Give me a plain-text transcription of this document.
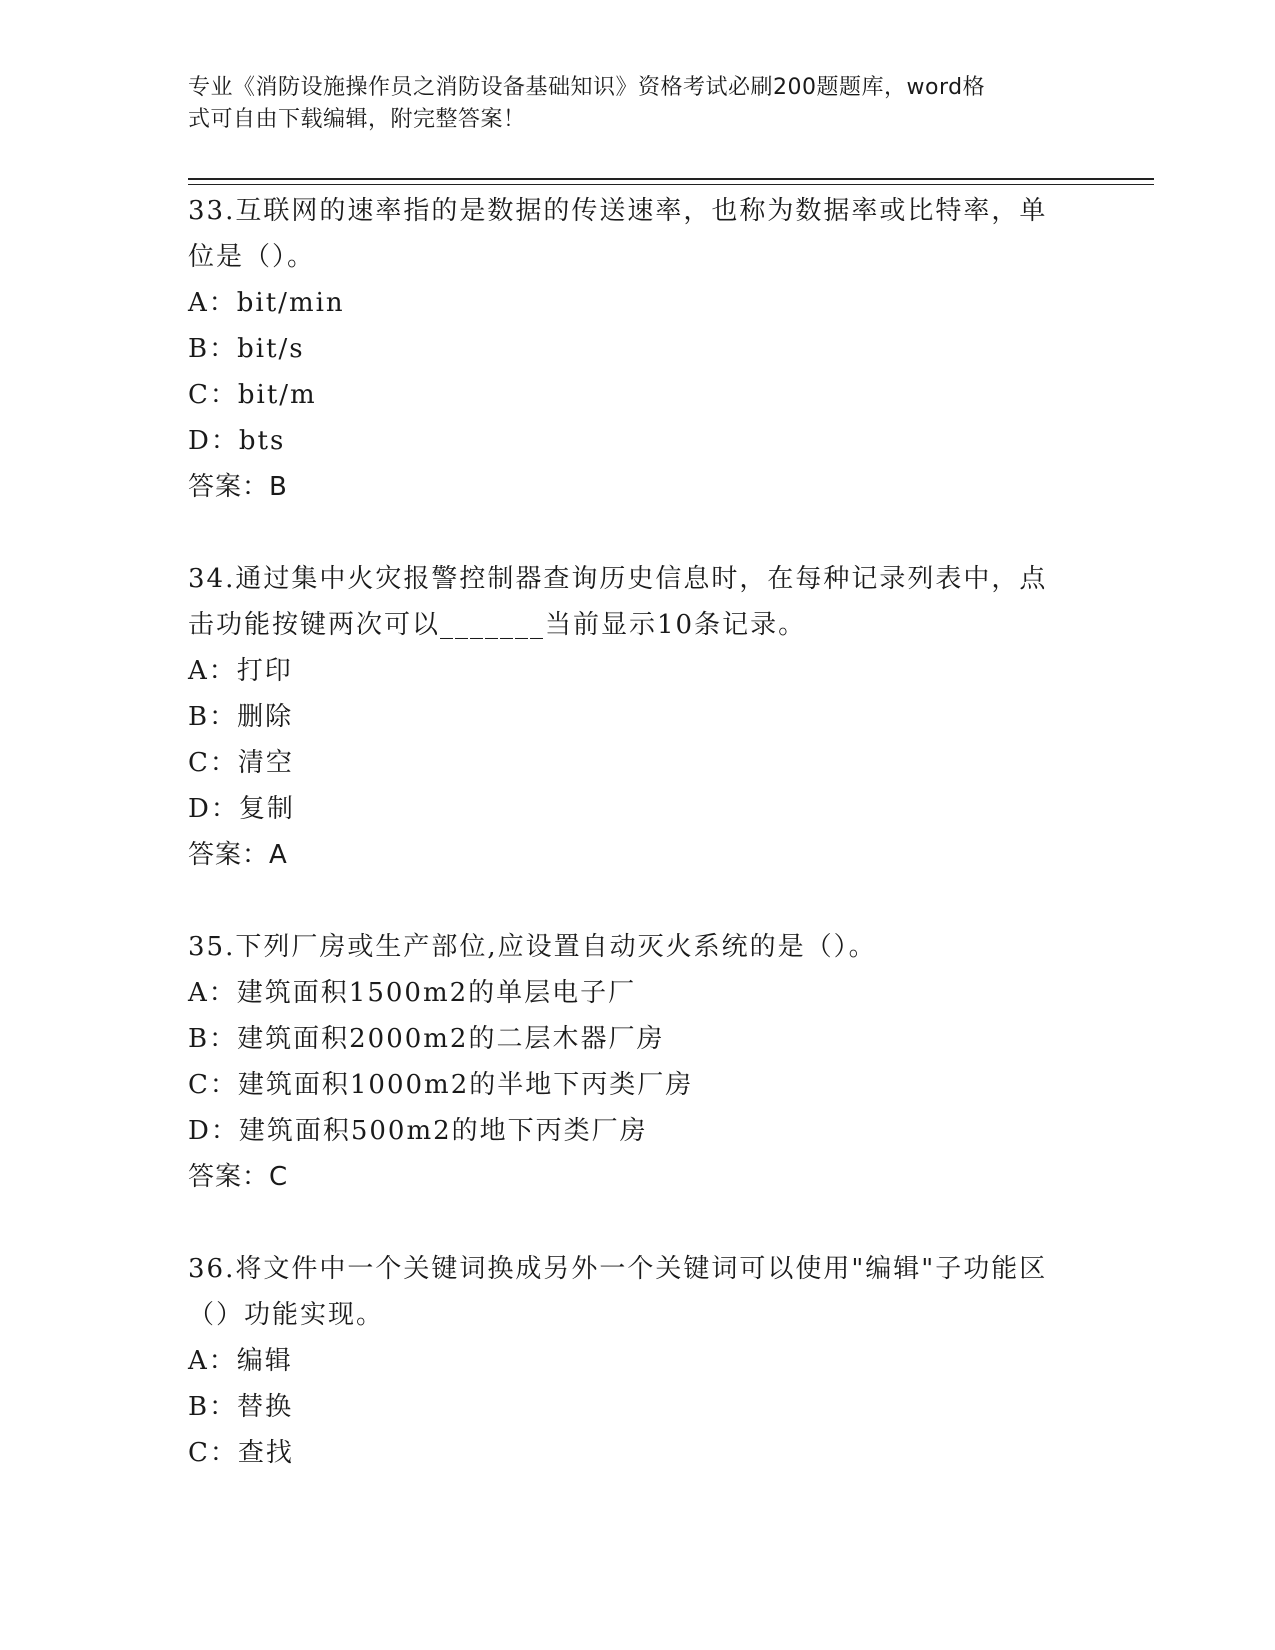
专业《消防设施操作员之消防设备基础知识》资格考试必刷200题题库，word格
式可自由下载编辑，附完整答案！

33.互联网的速率指的是数据的传送速率，也称为数据率或比特率，单

位是（）。

A：bit/min

B：bit/s

C：bit/m

D：bts

答案：B

34.通过集中火灾报警控制器查询历史信息时，在每种记录列表中，点

击功能按键两次可以_______当前显示10条记录。

A：打印

B：删除

C：清空

D：复制

答案：A

35.下列厂房或生产部位,应设置自动灭火系统的是（）。

A：建筑面积1500m2的单层电子厂

B：建筑面积2000m2的二层木器厂房

C：建筑面积1000m2的半地下丙类厂房

D：建筑面积500m2的地下丙类厂房

答案：C

36.将文件中一个关键词换成另外一个关键词可以使用"编辑"子功能区

（）功能实现。

A：编辑

B：替换

C：查找
